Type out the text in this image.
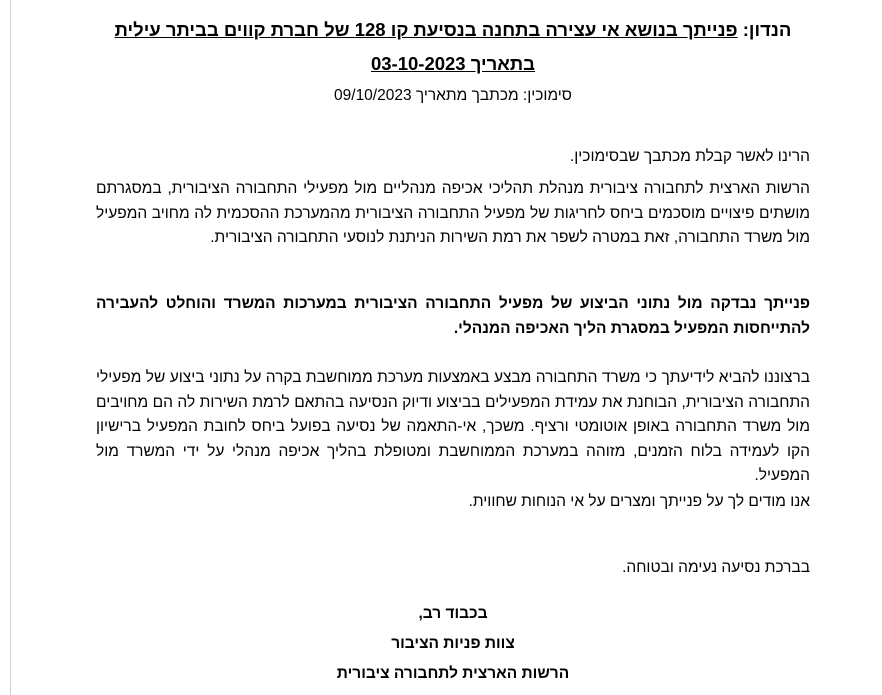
הנדון: פנייתך בנושא אי עצירה בתחנה בנסיעת קו 128 של חברת קווים בביתר עילית
בתאריך 03-10-2023
סימוכין: מכתבך מתאריך 09/10/2023

הרינו לאשר קבלת מכתבך שבסימוכין.

הרשות הארצית לתחבורה ציבורית מנהלת תהליכי אכיפה מנהליים מול מפעילי התחבורה הציבורית, במסגרתם מושתים פיצויים מוסכמים ביחס לחריגות של מפעיל התחבורה הציבורית מהמערכת ההסכמית לה מחויב המפעיל מול משרד התחבורה, זאת במטרה לשפר את רמת השירות הניתנת לנוסעי התחבורה הציבורית.

פנייתך נבדקה מול נתוני הביצוע של מפעיל התחבורה הציבורית במערכות המשרד והוחלט להעבירה להתייחסות המפעיל במסגרת הליך האכיפה המנהלי.

ברצוננו להביא לידיעתך כי משרד התחבורה מבצע באמצעות מערכת ממוחשבת בקרה על נתוני ביצוע של מפעילי התחבורה הציבורית, הבוחנת את עמידת המפעילים בביצוע ודיוק הנסיעה בהתאם לרמת השירות לה הם מחויבים מול משרד התחבורה באופן אוטומטי ורציף. משכך, אי-התאמה של נסיעה בפועל ביחס לחובת המפעיל ברישיון הקו לעמידה בלוח הזמנים, מזוהה במערכת הממוחשבת ומטופלת בהליך אכיפה מנהלי על ידי המשרד מול המפעיל.

אנו מודים לך על פנייתך ומצרים על אי הנוחות שחווית.

בברכת נסיעה נעימה ובטוחה.

בכבוד רב,
צוות פניות הציבור
הרשות הארצית לתחבורה ציבורית
